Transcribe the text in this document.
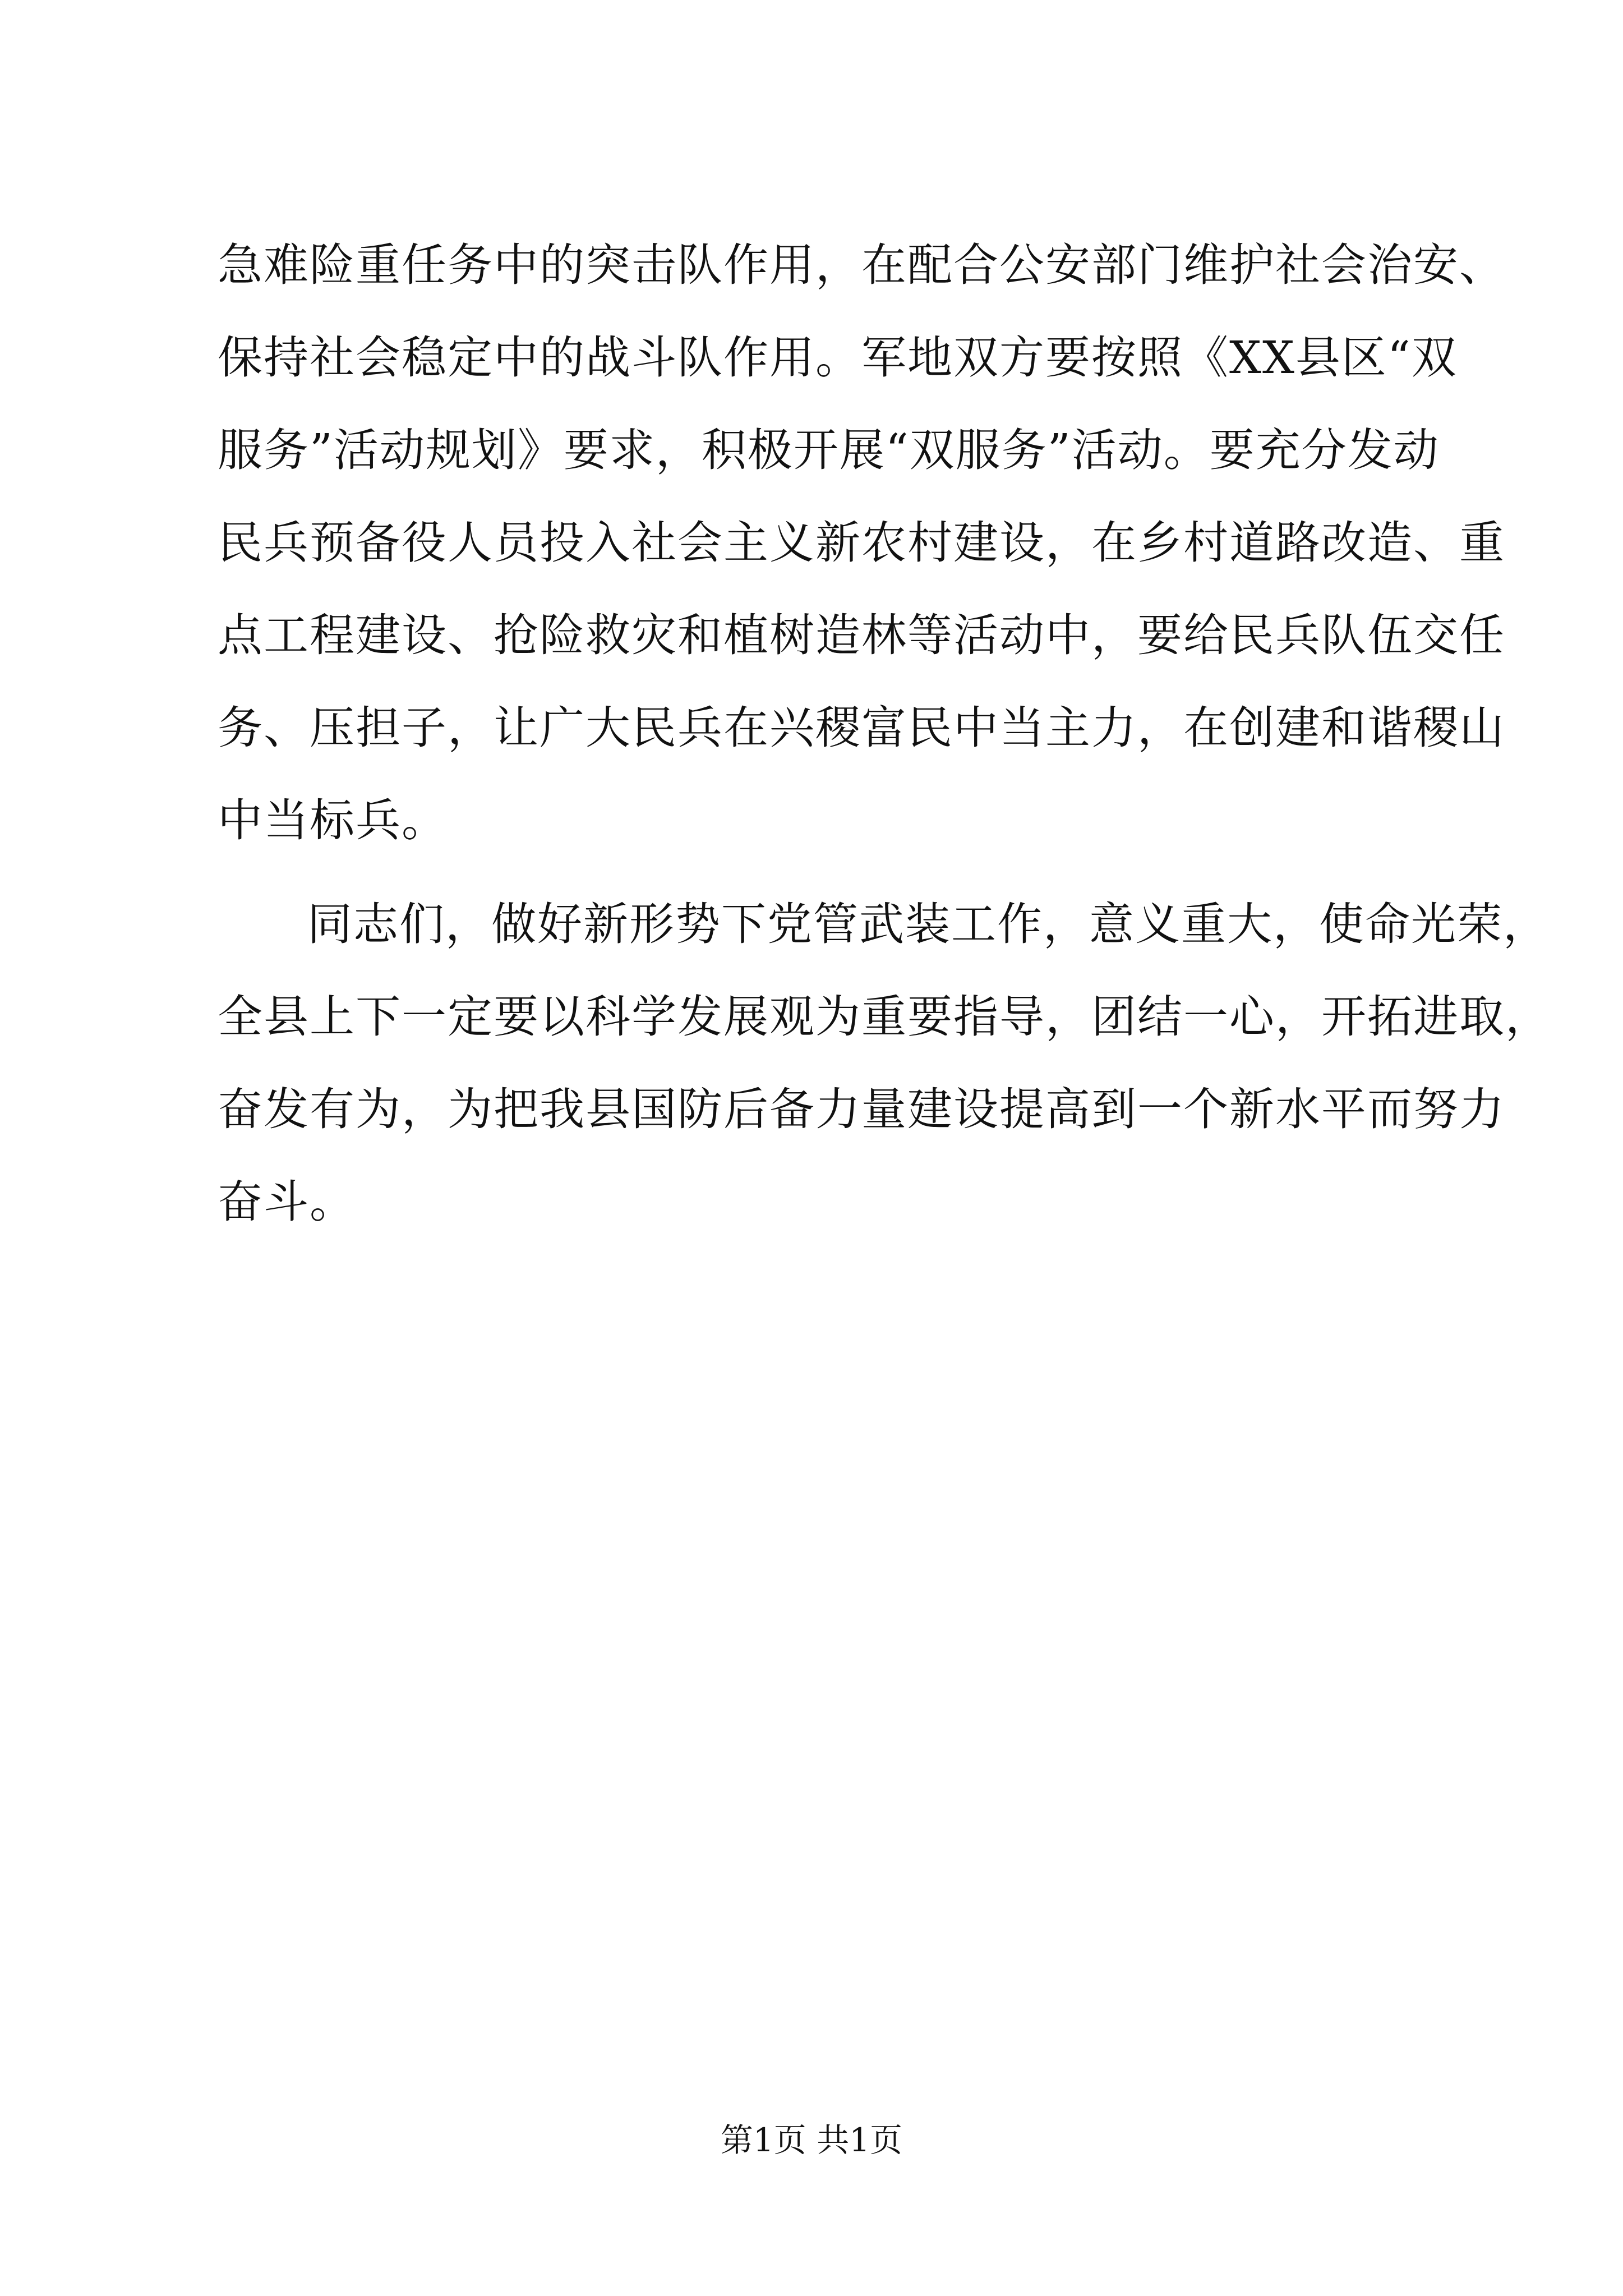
急难险重任务中的突击队作用，在配合公安部门维护社会治安、
保持社会稳定中的战斗队作用。军地双方要按照《XX县区“双
服务”活动规划》要求，积极开展“双服务”活动。要充分发动
民兵预备役人员投入社会主义新农村建设，在乡村道路改造、重
点工程建设、抢险救灾和植树造林等活动中，要给民兵队伍交任
务、压担子，让广大民兵在兴稷富民中当主力，在创建和谐稷山
中当标兵。
同志们，做好新形势下党管武装工作，意义重大，使命光荣，
全县上下一定要以科学发展观为重要指导，团结一心，开拓进取，
奋发有为，为把我县国防后备力量建设提高到一个新水平而努力
奋斗。
第1页 共1页
